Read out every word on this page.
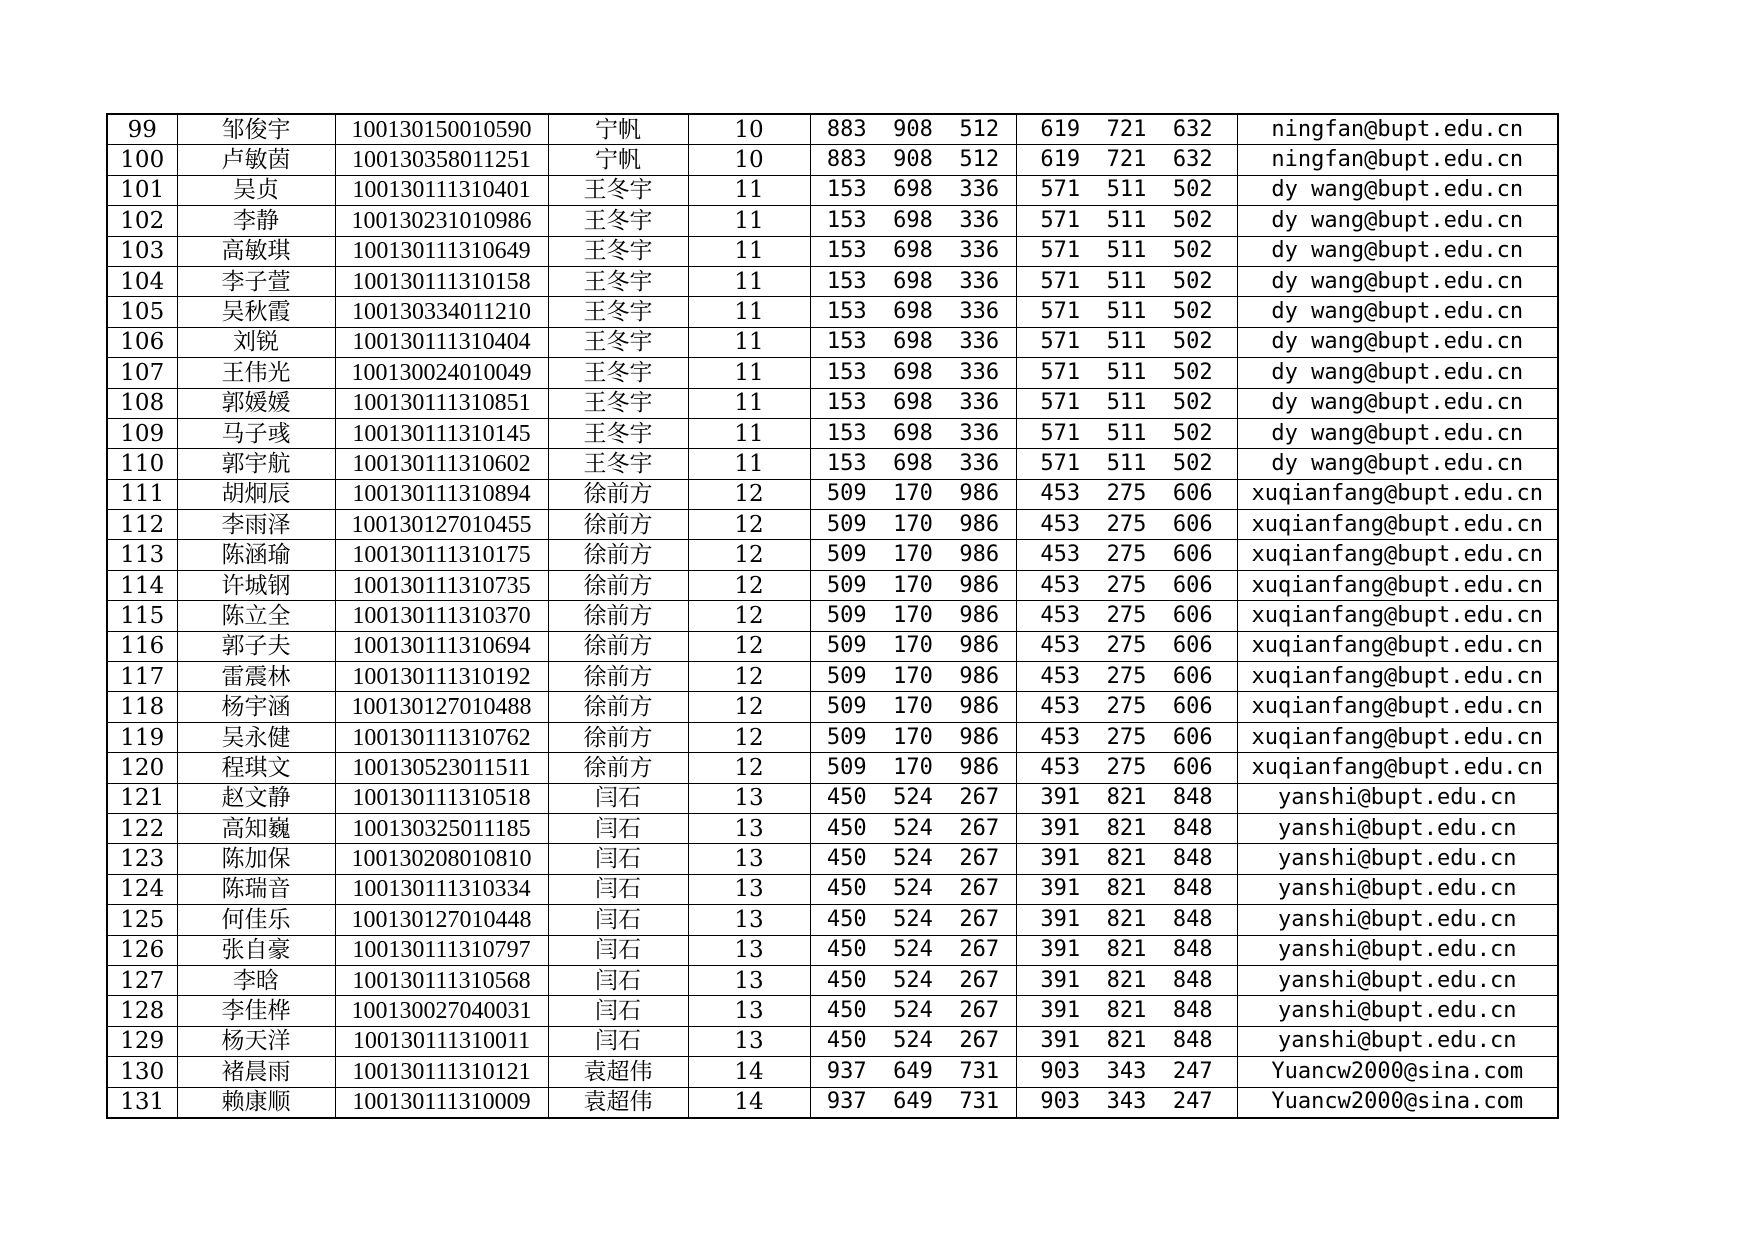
99	邹俊宇	100130150010590	宁帆	10	883  908  512	619  721  632	ningfan@bupt.edu.cn
100	卢敏茵	100130358011251	宁帆	10	883  908  512	619  721  632	ningfan@bupt.edu.cn
101	吴贞	100130111310401	王冬宇	11	153  698  336	571  511  502	dy wang@bupt.edu.cn
102	李静	100130231010986	王冬宇	11	153  698  336	571  511  502	dy wang@bupt.edu.cn
103	高敏琪	100130111310649	王冬宇	11	153  698  336	571  511  502	dy wang@bupt.edu.cn
104	李子萱	100130111310158	王冬宇	11	153  698  336	571  511  502	dy wang@bupt.edu.cn
105	吴秋霞	100130334011210	王冬宇	11	153  698  336	571  511  502	dy wang@bupt.edu.cn
106	刘锐	100130111310404	王冬宇	11	153  698  336	571  511  502	dy wang@bupt.edu.cn
107	王伟光	100130024010049	王冬宇	11	153  698  336	571  511  502	dy wang@bupt.edu.cn
108	郭媛媛	100130111310851	王冬宇	11	153  698  336	571  511  502	dy wang@bupt.edu.cn
109	马子彧	100130111310145	王冬宇	11	153  698  336	571  511  502	dy wang@bupt.edu.cn
110	郭宇航	100130111310602	王冬宇	11	153  698  336	571  511  502	dy wang@bupt.edu.cn
111	胡炯辰	100130111310894	徐前方	12	509  170  986	453  275  606	xuqianfang@bupt.edu.cn
112	李雨泽	100130127010455	徐前方	12	509  170  986	453  275  606	xuqianfang@bupt.edu.cn
113	陈涵瑜	100130111310175	徐前方	12	509  170  986	453  275  606	xuqianfang@bupt.edu.cn
114	许城钢	100130111310735	徐前方	12	509  170  986	453  275  606	xuqianfang@bupt.edu.cn
115	陈立全	100130111310370	徐前方	12	509  170  986	453  275  606	xuqianfang@bupt.edu.cn
116	郭子夫	100130111310694	徐前方	12	509  170  986	453  275  606	xuqianfang@bupt.edu.cn
117	雷震林	100130111310192	徐前方	12	509  170  986	453  275  606	xuqianfang@bupt.edu.cn
118	杨宇涵	100130127010488	徐前方	12	509  170  986	453  275  606	xuqianfang@bupt.edu.cn
119	吴永健	100130111310762	徐前方	12	509  170  986	453  275  606	xuqianfang@bupt.edu.cn
120	程琪文	100130523011511	徐前方	12	509  170  986	453  275  606	xuqianfang@bupt.edu.cn
121	赵文静	100130111310518	闫石	13	450  524  267	391  821  848	yanshi@bupt.edu.cn
122	高知巍	100130325011185	闫石	13	450  524  267	391  821  848	yanshi@bupt.edu.cn
123	陈加保	100130208010810	闫石	13	450  524  267	391  821  848	yanshi@bupt.edu.cn
124	陈瑞音	100130111310334	闫石	13	450  524  267	391  821  848	yanshi@bupt.edu.cn
125	何佳乐	100130127010448	闫石	13	450  524  267	391  821  848	yanshi@bupt.edu.cn
126	张自豪	100130111310797	闫石	13	450  524  267	391  821  848	yanshi@bupt.edu.cn
127	李晗	100130111310568	闫石	13	450  524  267	391  821  848	yanshi@bupt.edu.cn
128	李佳桦	100130027040031	闫石	13	450  524  267	391  821  848	yanshi@bupt.edu.cn
129	杨天洋	100130111310011	闫石	13	450  524  267	391  821  848	yanshi@bupt.edu.cn
130	褚晨雨	100130111310121	袁超伟	14	937  649  731	903  343  247	Yuancw2000@sina.com
131	赖康顺	100130111310009	袁超伟	14	937  649  731	903  343  247	Yuancw2000@sina.com
